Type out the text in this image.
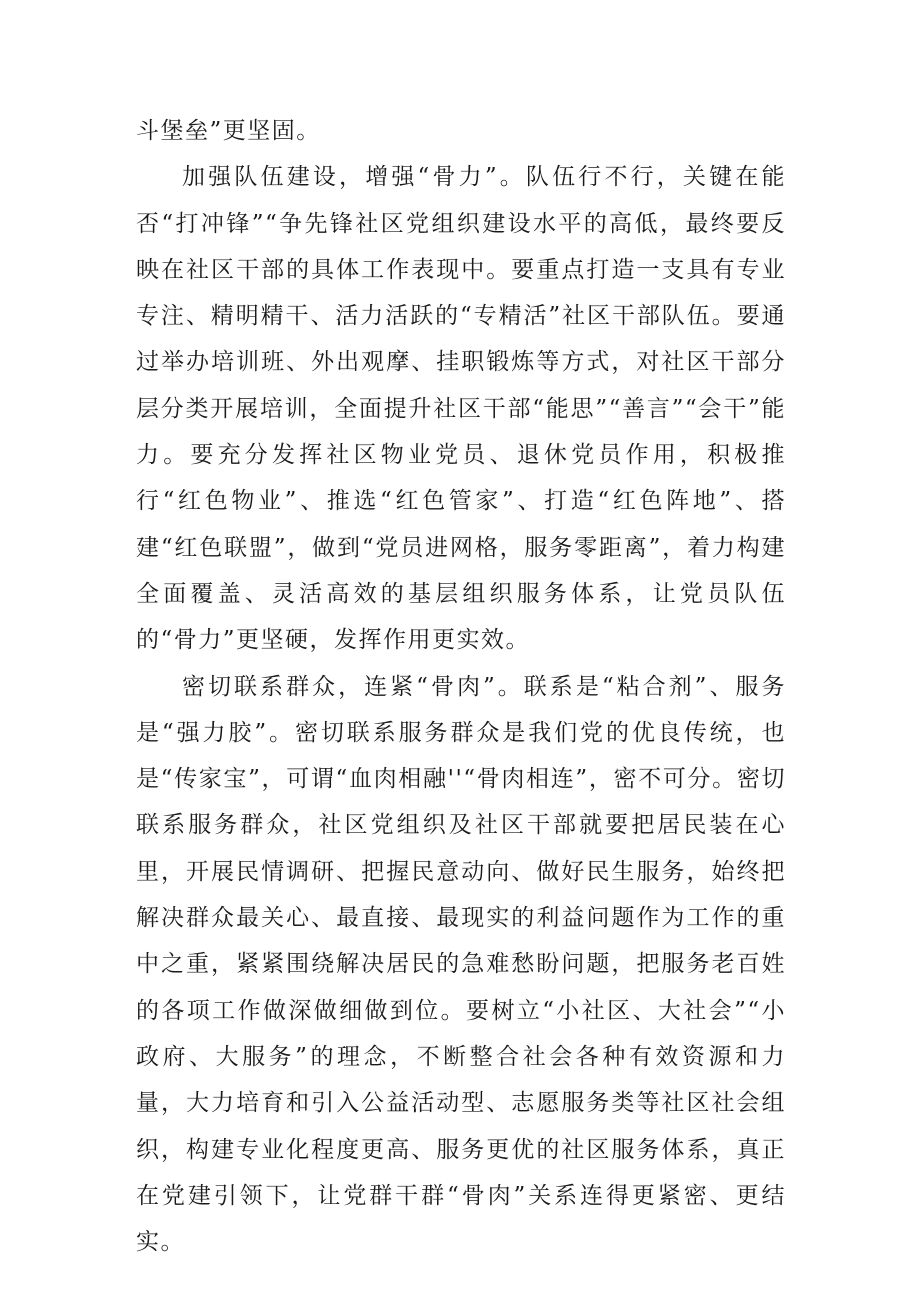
斗堡垒”更坚固。

加强队伍建设，增强“骨力”。队伍行不行，关键在能否“打冲锋”“争先锋社区党组织建设水平的高低，最终要反映在社区干部的具体工作表现中。要重点打造一支具有专业专注、精明精干、活力活跃的“专精活”社区干部队伍。要通过举办培训班、外出观摩、挂职锻炼等方式，对社区干部分层分类开展培训，全面提升社区干部“能思”“善言”“会干”能力。要充分发挥社区物业党员、退休党员作用，积极推行“红色物业”、推选“红色管家”、打造“红色阵地”、搭建“红色联盟”，做到“党员进网格，服务零距离”，着力构建全面覆盖、灵活高效的基层组织服务体系，让党员队伍的“骨力”更坚硬，发挥作用更实效。

密切联系群众，连紧“骨肉”。联系是“粘合剂”、服务是“强力胶”。密切联系服务群众是我们党的优良传统，也是“传家宝”，可谓“血肉相融''“骨肉相连”，密不可分。密切联系服务群众，社区党组织及社区干部就要把居民装在心里，开展民情调研、把握民意动向、做好民生服务，始终把解决群众最关心、最直接、最现实的利益问题作为工作的重中之重，紧紧围绕解决居民的急难愁盼问题，把服务老百姓的各项工作做深做细做到位。要树立“小社区、大社会”“小政府、大服务”的理念，不断整合社会各种有效资源和力量，大力培育和引入公益活动型、志愿服务类等社区社会组织，构建专业化程度更高、服务更优的社区服务体系，真正在党建引领下，让党群干群“骨肉”关系连得更紧密、更结实。
